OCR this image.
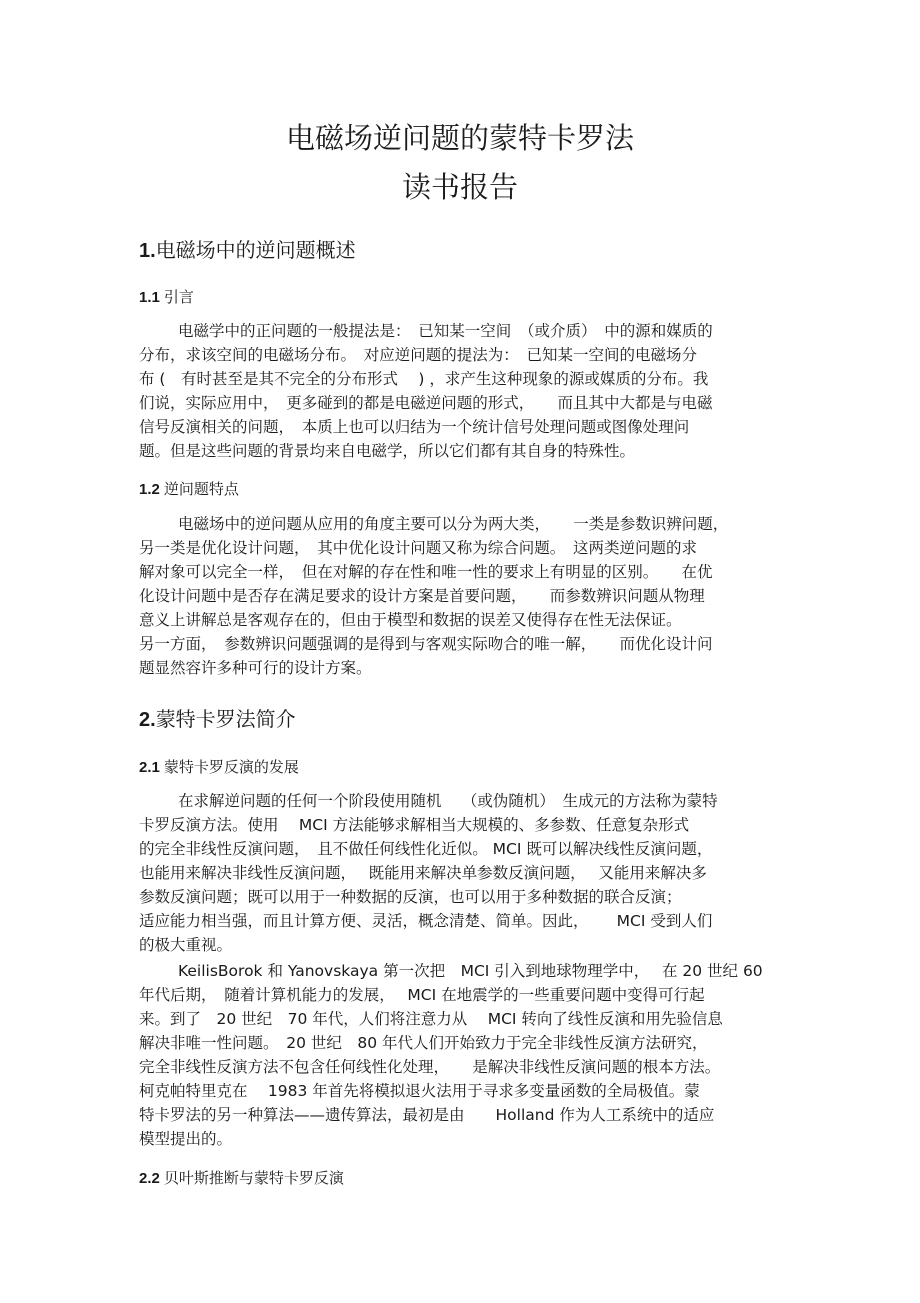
电磁场逆问题的蒙特卡罗法
读书报告
1.电磁场中的逆问题概述
1.1 引言
电磁学中的正问题的一般提法是：　已知某一空间　（或介质）　中的源和媒质的
分布，求该空间的电磁场分布。　对应逆问题的提法为：　已知某一空间的电磁场分
布 (　有时甚至是其不完全的分布形式　 ) ，求产生这种现象的源或媒质的分布。我
们说，实际应用中，　更多碰到的都是电磁逆问题的形式，　　而且其中大都是与电磁
信号反演相关的问题，　本质上也可以归结为一个统计信号处理问题或图像处理问
题。但是这些问题的背景均来自电磁学，所以它们都有其自身的特殊性。
1.2 逆问题特点
电磁场中的逆问题从应用的角度主要可以分为两大类，　　一类是参数识辨问题，
另一类是优化设计问题，　其中优化设计问题又称为综合问题。　这两类逆问题的求
解对象可以完全一样，　但在对解的存在性和唯一性的要求上有明显的区别。　　在优
化设计问题中是否存在满足要求的设计方案是首要问题，　　而参数辨识问题从物理
意义上讲解总是客观存在的，但由于模型和数据的误差又使得存在性无法保证。
另一方面，　参数辨识问题强调的是得到与客观实际吻合的唯一解，　　而优化设计问
题显然容许多种可行的设计方案。
2.蒙特卡罗法简介
2.1 蒙特卡罗反演的发展
在求解逆问题的任何一个阶段使用随机　 （或伪随机）　生成元的方法称为蒙特
卡罗反演方法。使用　 MCI 方法能够求解相当大规模的、多参数、任意复杂形式
的完全非线性反演问题，　且不做任何线性化近似。 MCI 既可以解决线性反演问题，
也能用来解决非线性反演问题，　 既能用来解决单参数反演问题，　 又能用来解决多
参数反演问题；既可以用于一种数据的反演，也可以用于多种数据的联合反演；
适应能力相当强，而且计算方便、灵活，概念清楚、简单。因此，　　 MCI 受到人们
的极大重视。
KeilisBorok 和 Yanovskaya 第一次把　MCI 引入到地球物理学中，　 在 20 世纪 60
年代后期，　随着计算机能力的发展，　 MCI 在地震学的一些重要问题中变得可行起
来。到了　20 世纪　70 年代，人们将注意力从　 MCI 转向了线性反演和用先验信息
解决非唯一性问题。　20 世纪　80 年代人们开始致力于完全非线性反演方法研究，
完全非线性反演方法不包含任何线性化处理，　　是解决非线性反演问题的根本方法。
柯克帕特里克在　 1983 年首先将模拟退火法用于寻求多变量函数的全局极值。蒙
特卡罗法的另一种算法——遗传算法，最初是由　　Holland 作为人工系统中的适应
模型提出的。
2.2 贝叶斯推断与蒙特卡罗反演
